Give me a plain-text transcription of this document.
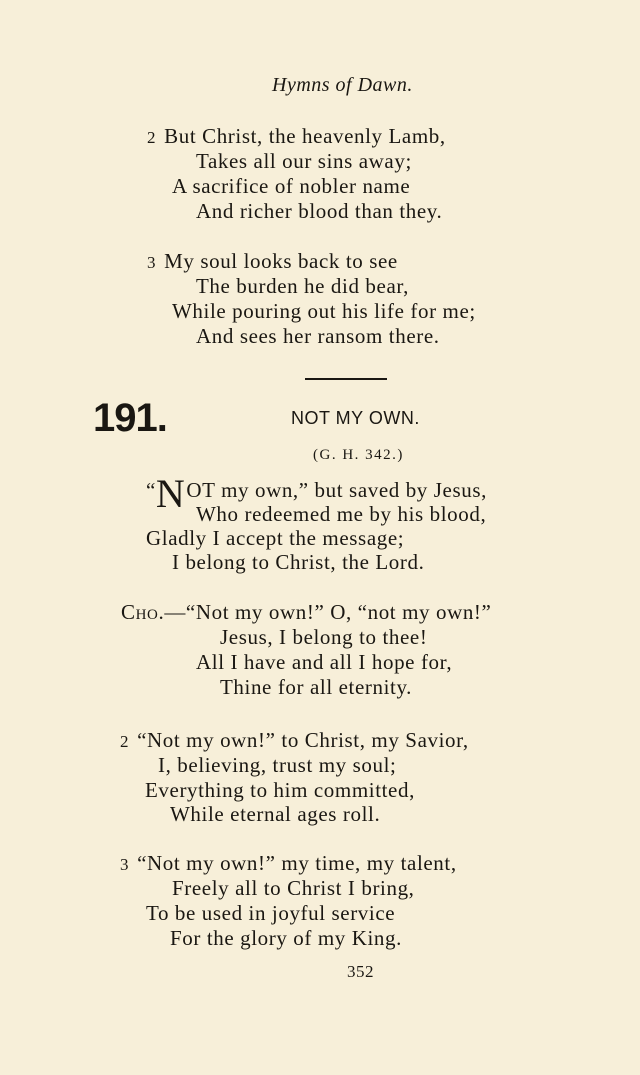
Hymns of Dawn.
2 But Christ, the heavenly Lamb,
Takes all our sins away;
A sacrifice of nobler name
And richer blood than they.
3 My soul looks back to see
The burden he did bear,
While pouring out his life for me;
And sees her ransom there.
191.	NOT MY OWN.
(G. H. 342.)
“NOT my own,” but saved by Jesus,
Who redeemed me by his blood,
Gladly I accept the message;
I belong to Christ, the Lord.
Cho.—“Not my own!” O, “not my own!”
Jesus, I belong to thee!
All I have and all I hope for,
Thine for all eternity.
2 “Not my own!” to Christ, my Savior,
I, believing, trust my soul;
Everything to him committed,
While eternal ages roll.
3 “Not my own!” my time, my talent,
Freely all to Christ I bring,
To be used in joyful service
For the glory of my King.
352
